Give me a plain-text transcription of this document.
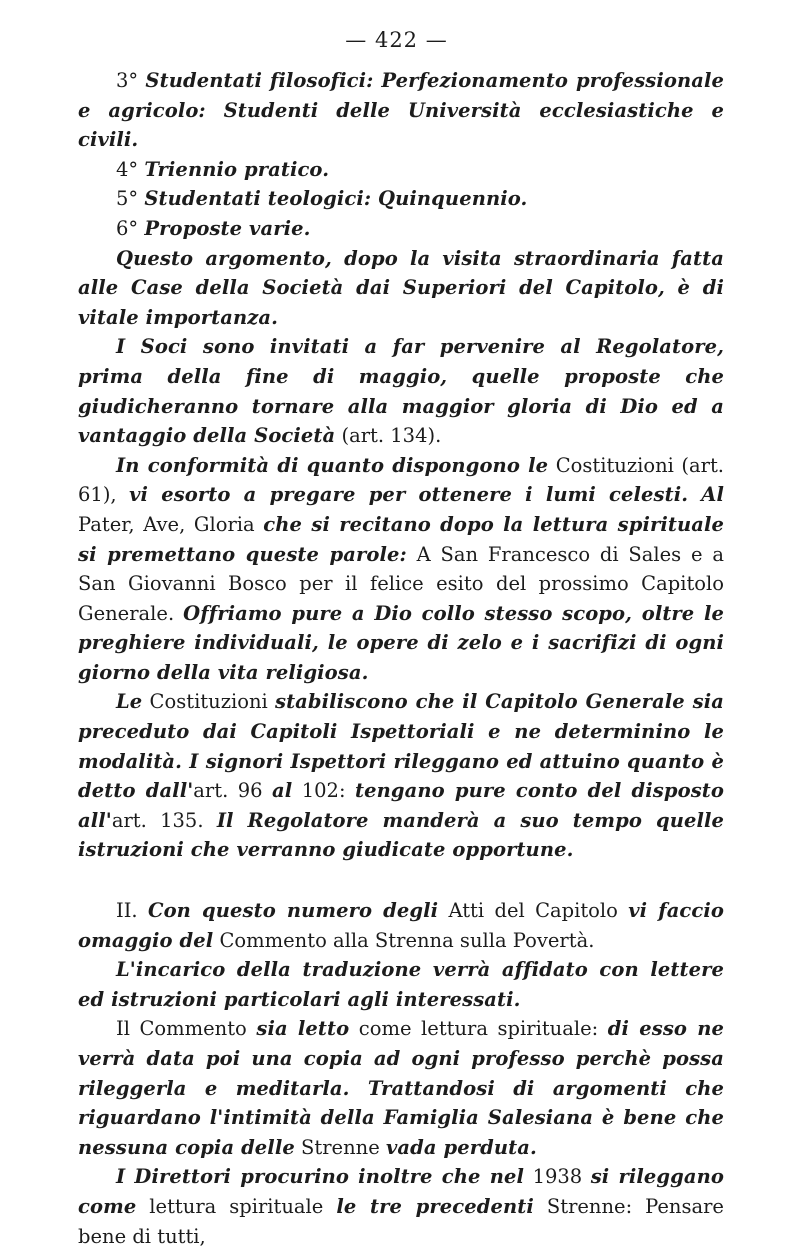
— 422 —

3° Studentati filosofici: Perfezionamento professionale e agricolo: Studenti delle Università ecclesiastiche e civili.

4° Triennio pratico.

5° Studentati teologici: Quinquennio.

6° Proposte varie.

Questo argomento, dopo la visita straordinaria fatta alle Case della Società dai Superiori del Capitolo, è di vitale importanza.

I Soci sono invitati a far pervenire al Regolatore, prima della fine di maggio, quelle proposte che giudicheranno tornare alla maggior gloria di Dio ed a vantaggio della Società (art. 134).

In conformità di quanto dispongono le Costituzioni (art. 61), vi esorto a pregare per ottenere i lumi celesti. Al Pater, Ave, Gloria che si recitano dopo la lettura spirituale si premettano queste parole: A San Francesco di Sales e a San Giovanni Bosco per il felice esito del prossimo Capitolo Generale. Offriamo pure a Dio collo stesso scopo, oltre le preghiere individuali, le opere di zelo e i sacrifizi di ogni giorno della vita religiosa.

Le Costituzioni stabiliscono che il Capitolo Generale sia preceduto dai Capitoli Ispettoriali e ne determinino le modalità. I signori Ispettori rileggano ed attuino quanto è detto dall'art. 96 al 102: tengano pure conto del disposto all'art. 135. Il Regolatore manderà a suo tempo quelle istruzioni che verranno giudicate opportune.

II. Con questo numero degli Atti del Capitolo vi faccio omaggio del Commento alla Strenna sulla Povertà.

L'incarico della traduzione verrà affidato con lettere ed istruzioni particolari agli interessati.

Il Commento sia letto come lettura spirituale: di esso ne verrà data poi una copia ad ogni professo perchè possa rileggerla e meditarla. Trattandosi di argomenti che riguardano l'intimità della Famiglia Salesiana è bene che nessuna copia delle Strenne vada perduta.

I Direttori procurino inoltre che nel 1938 si rileggano come lettura spirituale le tre precedenti Strenne: Pensare bene di tutti,
